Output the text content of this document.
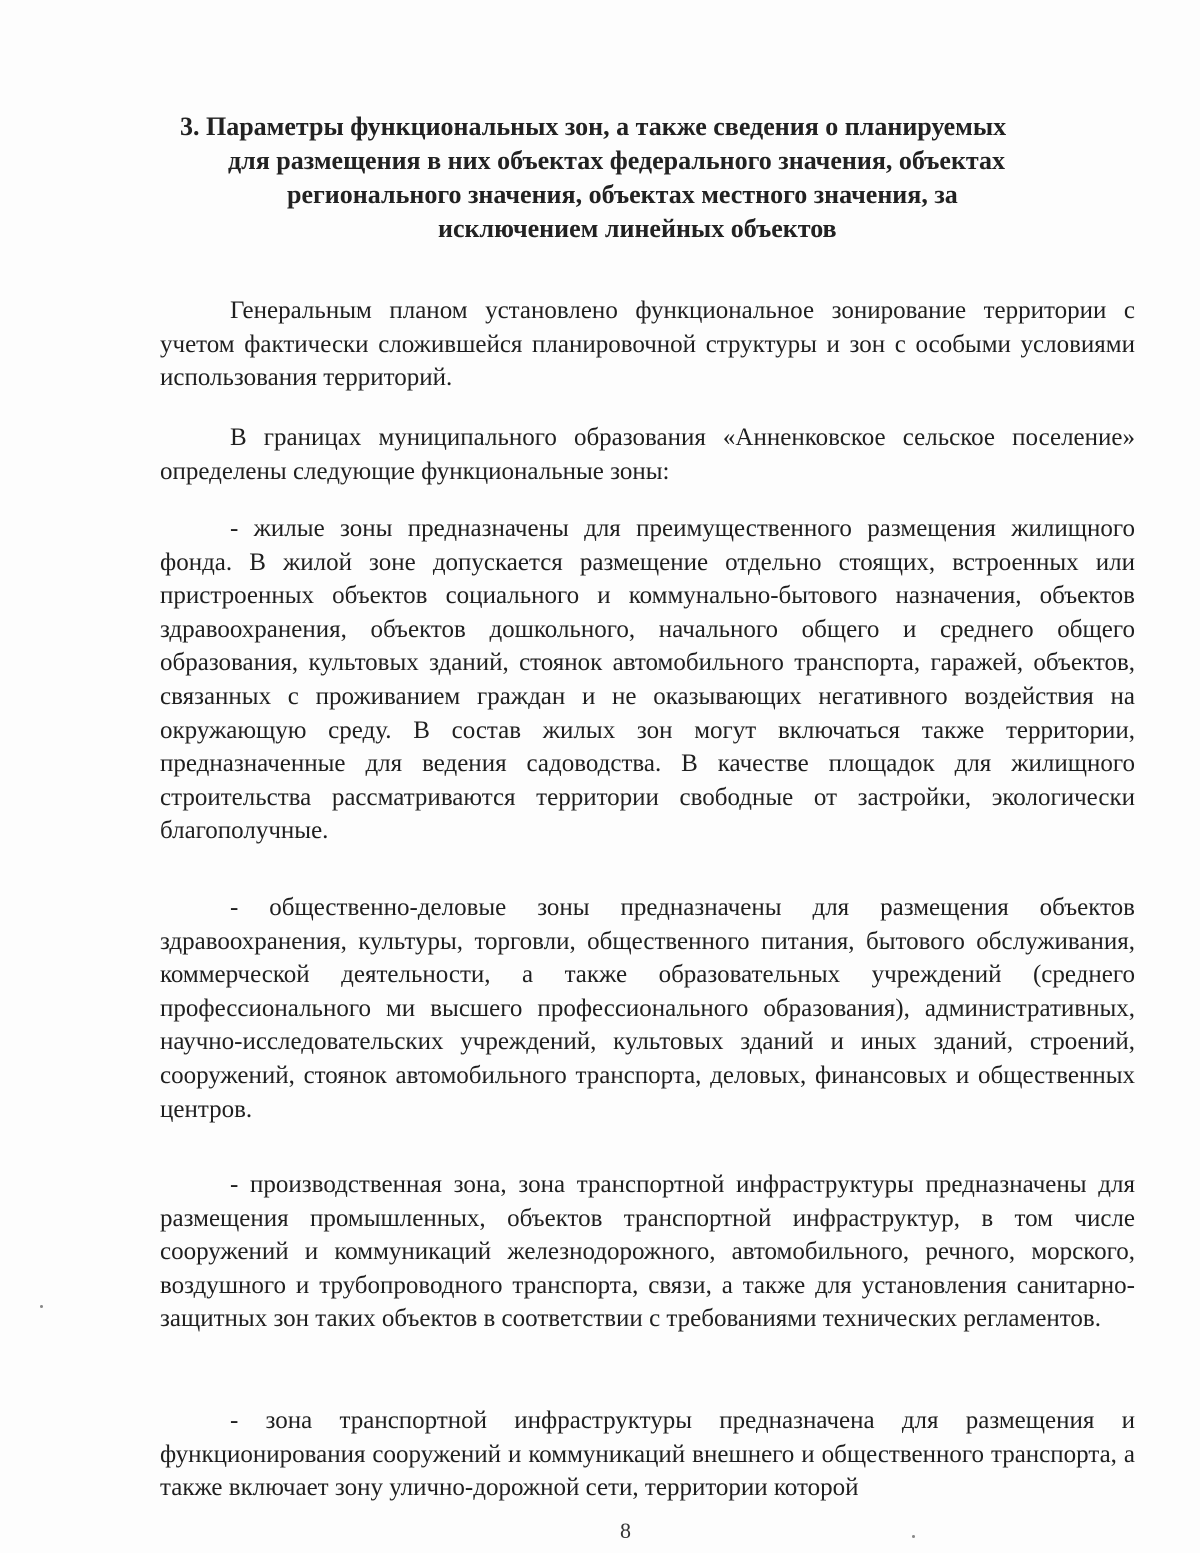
3. Параметры функциональных зон, а также сведения о планируемых
для размещения в них объектах федерального значения, объектах
регионального значения, объектах местного значения, за
исключением линейных объектов

Генеральным планом установлено функциональное зонирование территории с учетом фактически сложившейся планировочной структуры и зон с особыми условиями использования территорий.

В границах муниципального образования «Анненковское сельское поселение» определены следующие функциональные зоны:

- жилые зоны предназначены для преимущественного размещения жилищного фонда. В жилой зоне допускается размещение отдельно стоящих, встроенных или пристроенных объектов социального и коммунально-бытового назначения, объектов здравоохранения, объектов дошкольного, начального общего и среднего общего образования, культовых зданий, стоянок автомобильного транспорта, гаражей, объектов, связанных с проживанием граждан и не оказывающих негативного воздействия на окружающую среду. В состав жилых зон могут включаться также территории, предназначенные для ведения садоводства. В качестве площадок для жилищного строительства рассматриваются территории свободные от застройки, экологически благополучные.

- общественно-деловые зоны предназначены для размещения объектов здравоохранения, культуры, торговли, общественного питания, бытового обслуживания, коммерческой деятельности, а также образовательных учреждений (среднего профессионального ми высшего профессионального образования), административных, научно-исследовательских учреждений, культовых зданий и иных зданий, строений, сооружений, стоянок автомобильного транспорта, деловых, финансовых и общественных центров.

- производственная зона, зона транспортной инфраструктуры предназначены для размещения промышленных, объектов транспортной инфраструктур, в том числе сооружений и коммуникаций железнодорожного, автомобильного, речного, морского, воздушного и трубопроводного транспорта, связи, а также для установления санитарно-защитных зон таких объектов в соответствии с требованиями технических регламентов.

- зона транспортной инфраструктуры предназначена для размещения и функционирования сооружений и коммуникаций внешнего и общественного транспорта, а также включает зону улично-дорожной сети, территории которой

8
